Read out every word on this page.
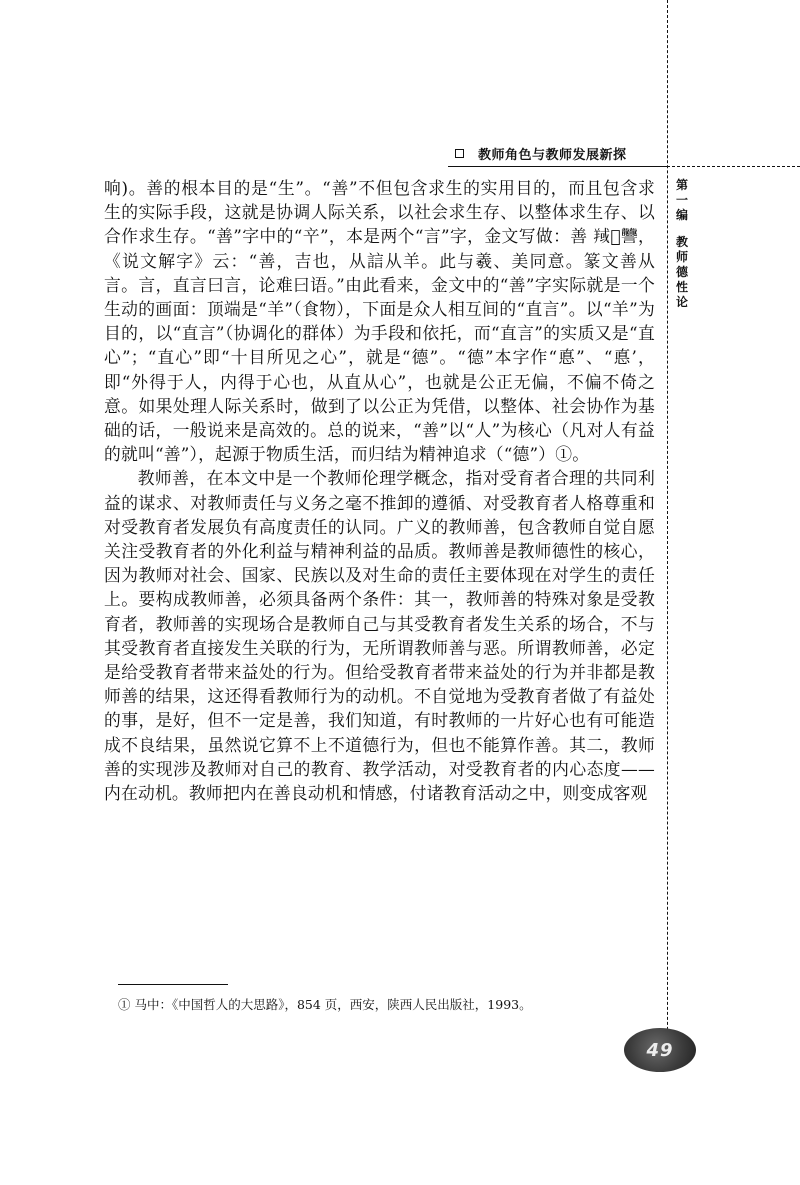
教师角色与教师发展新探
第一编
教师德性论

响)。善的根本目的是“生”。“善”不但包含求生的实用目的，而且包含求生的实际手段，这就是协调人际关系，以社会求生存、以整体求生存、以合作求生存。“善”字中的“䇂”，本是两个“言”字，金文写做：善 𦎘𦎫𧮩，《说文解字》云：“善，吉也，从誩从羊。此与羲、美同意。篆文善从言。言，直言曰言，论难曰语。”由此看来，金文中的“善”字实际就是一个生动的画面：顶端是“羊”（食物），下面是众人相互间的“直言”。以“羊”为目的，以“直言”（协调化的群体）为手段和依托，而“直言”的实质又是“直心”；“直心”即“十目所见之心”，就是“德”。“德”本字作“悳”、“悳’，即“外得于人，内得于心也，从直从心”，也就是公正无偏，不偏不倚之意。如果处理人际关系时，做到了以公正为凭借，以整体、社会协作为基础的话，一般说来是高效的。总的说来，“善”以“人”为核心（凡对人有益的就叫“善”），起源于物质生活，而归结为精神追求（“德”）①。

教师善，在本文中是一个教师伦理学概念，指对受育者合理的共同利益的谋求、对教师责任与义务之毫不推卸的遵循、对受教育者人格尊重和对受教育者发展负有高度责任的认同。广义的教师善，包含教师自觉自愿关注受教育者的外化利益与精神利益的品质。教师善是教师德性的核心，因为教师对社会、国家、民族以及对生命的责任主要体现在对学生的责任上。要构成教师善，必须具备两个条件：其一，教师善的特殊对象是受教育者，教师善的实现场合是教师自己与其受教育者发生关系的场合，不与其受教育者直接发生关联的行为，无所谓教师善与恶。所谓教师善，必定是给受教育者带来益处的行为。但给受教育者带来益处的行为并非都是教师善的结果，这还得看教师行为的动机。不自觉地为受教育者做了有益处的事，是好，但不一定是善，我们知道，有时教师的一片好心也有可能造成不良结果，虽然说它算不上不道德行为，但也不能算作善。其二，教师善的实现涉及教师对自己的教育、教学活动，对受教育者的内心态度——内在动机。教师把内在善良动机和情感，付诸教育活动之中，则变成客观

① 马中：《中国哲人的大思路》，854 页，西安，陕西人民出版社，1993。
49
